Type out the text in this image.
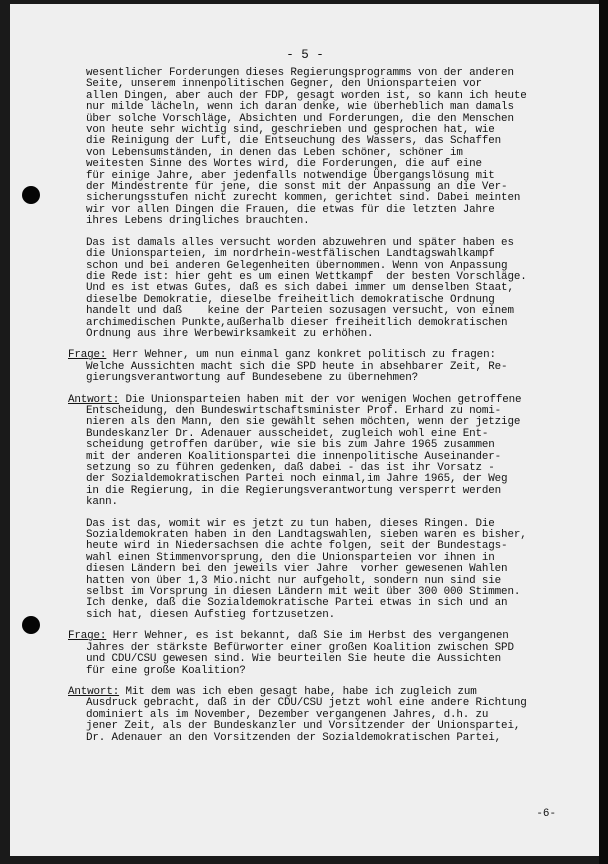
- 5 -
wesentlicher Forderungen dieses Regierungsprogramms von der anderen
Seite, unserem innenpolitischen Gegner, den Unionsparteien vor
allen Dingen, aber auch der FDP, gesagt worden ist, so kann ich heute
nur milde lächeln, wenn ich daran denke, wie überheblich man damals
über solche Vorschläge, Absichten und Forderungen, die den Menschen
von heute sehr wichtig sind, geschrieben und gesprochen hat, wie
die Reinigung der Luft, die Entseuchung des Wassers, das Schaffen
von Lebensumständen, in denen das Leben schöner, schöner im
weitesten Sinne des Wortes wird, die Forderungen, die auf eine
für einige Jahre, aber jedenfalls notwendige Übergangslösung mit
der Mindestrente für jene, die sonst mit der Anpassung an die Ver-
sicherungsstufen nicht zurecht kommen, gerichtet sind. Dabei meinten
wir vor allen Dingen die Frauen, die etwas für die letzten Jahre
ihres Lebens dringliches brauchten.
Das ist damals alles versucht worden abzuwehren und später haben es
die Unionsparteien, im nordrhein-westfälischen Landtagswahlkampf
schon und bei anderen Gelegenheiten übernommen. Wenn von Anpassung
die Rede ist: hier geht es um einen Wettkampf  der besten Vorschläge.
Und es ist etwas Gutes, daß es sich dabei immer um denselben Staat,
dieselbe Demokratie, dieselbe freiheitlich demokratische Ordnung
handelt und daß    keine der Parteien sozusagen versucht, von einem
archimedischen Punkte,außerhalb dieser freiheitlich demokratischen
Ordnung aus ihre Werbewirksamkeit zu erhöhen.
Frage: Herr Wehner, um nun einmal ganz konkret politisch zu fragen:
Welche Aussichten macht sich die SPD heute in absehbarer Zeit, Re-
gierungsverantwortung auf Bundesebene zu übernehmen?
Antwort: Die Unionsparteien haben mit der vor wenigen Wochen getroffene
Entscheidung, den Bundeswirtschaftsminister Prof. Erhard zu nomi-
nieren als den Mann, den sie gewählt sehen möchten, wenn der jetzige
Bundeskanzler Dr. Adenauer ausscheidet, zugleich wohl eine Ent-
scheidung getroffen darüber, wie sie bis zum Jahre 1965 zusammen
mit der anderen Koalitionspartei die innenpolitische Auseinander-
setzung so zu führen gedenken, daß dabei - das ist ihr Vorsatz -
der Sozialdemokratischen Partei noch einmal,im Jahre 1965, der Weg
in die Regierung, in die Regierungsverantwortung versperrt werden
kann.
Das ist das, womit wir es jetzt zu tun haben, dieses Ringen. Die
Sozialdemokraten haben in den Landtagswahlen, sieben waren es bisher,
heute wird in Niedersachsen die achte folgen, seit der Bundestags-
wahl einen Stimmenvorsprung, den die Unionsparteien vor ihnen in
diesen Ländern bei den jeweils vier Jahre  vorher gewesenen Wahlen
hatten von über 1,3 Mio.nicht nur aufgeholt, sondern nun sind sie
selbst im Vorsprung in diesen Ländern mit weit über 300 000 Stimmen.
Ich denke, daß die Sozialdemokratische Partei etwas in sich und an
sich hat, diesen Aufstieg fortzusetzen.
Frage: Herr Wehner, es ist bekannt, daß Sie im Herbst des vergangenen
Jahres der stärkste Befürworter einer großen Koalition zwischen SPD
und CDU/CSU gewesen sind. Wie beurteilen Sie heute die Aussichten
für eine große Koalition?
Antwort: Mit dem was ich eben gesagt habe, habe ich zugleich zum
Ausdruck gebracht, daß in der CDU/CSU jetzt wohl eine andere Richtung
dominiert als im November, Dezember vergangenen Jahres, d.h. zu
jener Zeit, als der Bundeskanzler und Vorsitzender der Unionspartei,
Dr. Adenauer an den Vorsitzenden der Sozialdemokratischen Partei,
-6-
